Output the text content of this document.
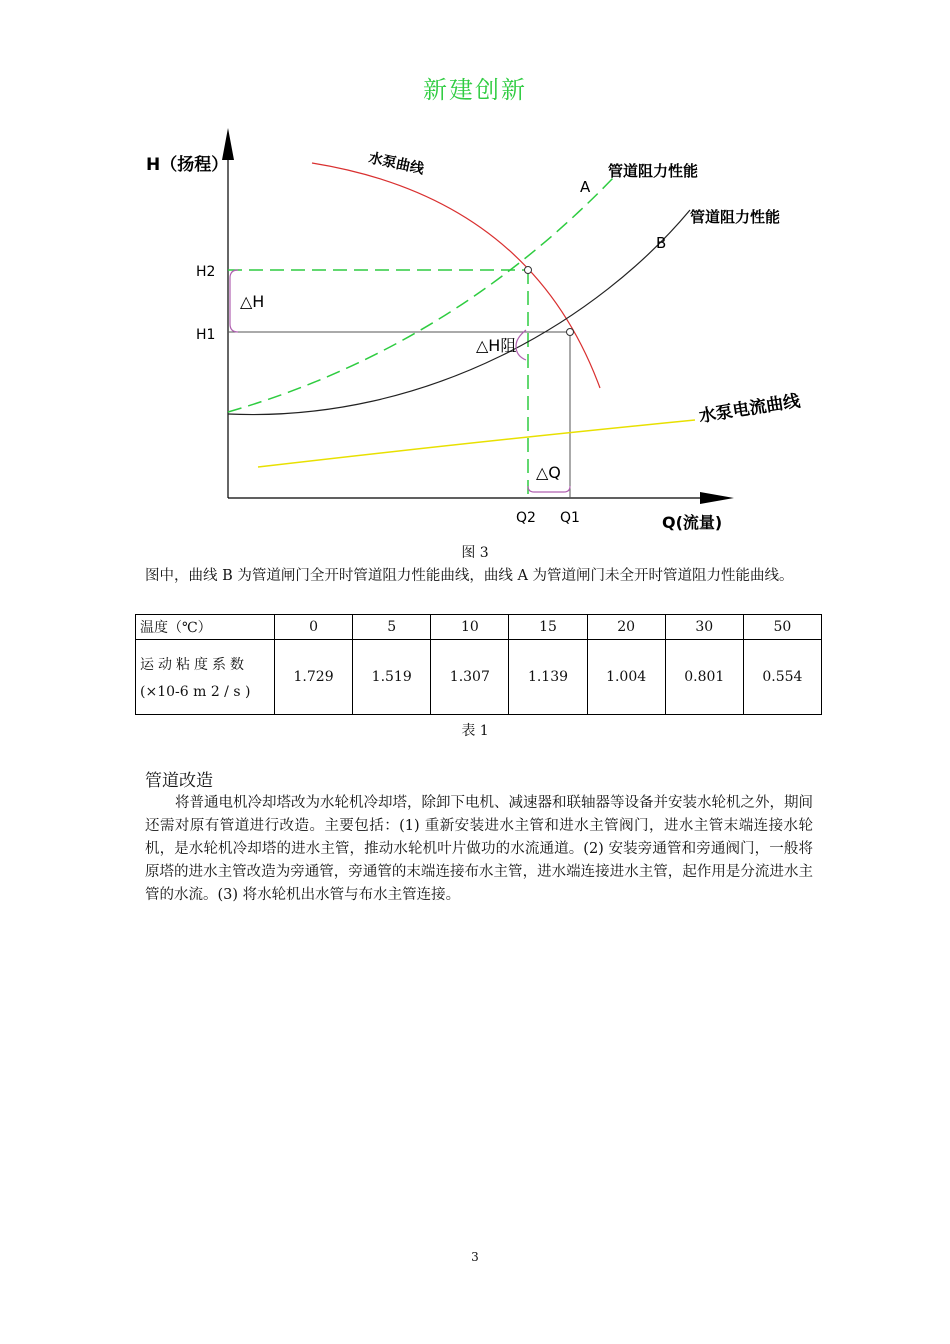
新建创新
H（扬程）
Q(流量)
水泵曲线	管道阻力性能
A
管道阻力性能
B
水泵电流曲线
H2
H1
△H
△H阻
△Q
Q2 Q1
图 3
图中，曲线 B 为管道闸门全开时管道阻力性能曲线，曲线 A 为管道闸门未全开时管道阻力性能曲线。
温度（℃）	0	5	10	15	20	30	50

运动粘度系数
(×10-6 m 2 / s )	1.729	1.519	1.307	1.139	1.004	0.801	0.554
表 1
管道改造
将普通电机冷却塔改为水轮机冷却塔，除卸下电机、减速器和联轴器等设备并安装水轮机之外，期间还需对原有管道进行改造。主要包括：(1) 重新安装进水主管和进水主管阀门，进水主管末端连接水轮机，是水轮机冷却塔的进水主管，推动水轮机叶片做功的水流通道。(2) 安装旁通管和旁通阀门，一般将原塔的进水主管改造为旁通管，旁通管的末端连接布水主管，进水端连接进水主管，起作用是分流进水主管的水流。(3) 将水轮机出水管与布水主管连接。
3
